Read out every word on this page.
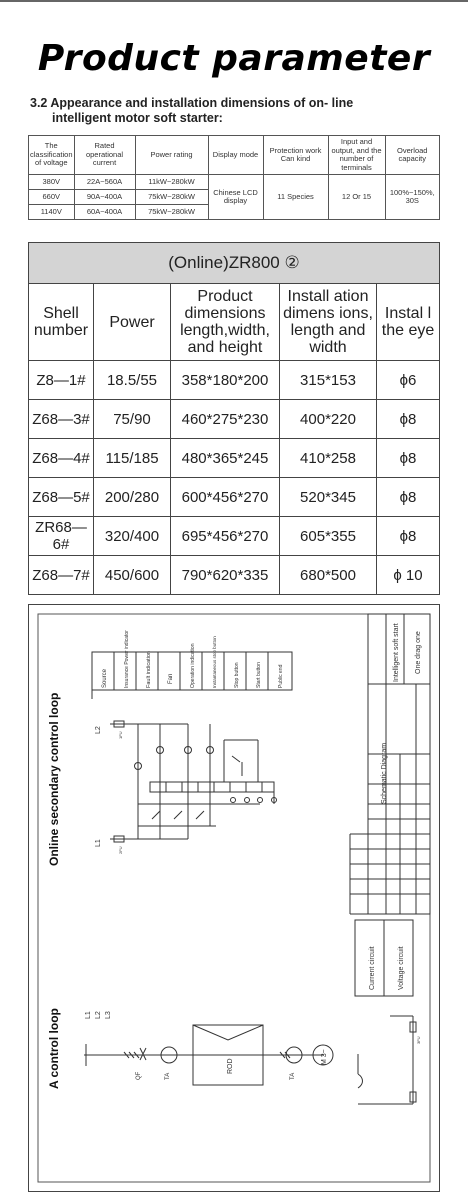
Product parameter
3.2 Appearance and installation dimensions of on- line
intelligent motor soft starter:
The classification of voltage	Rated operational current	Power rating	Display mode	Protection work Can kind	Input and output, and the number of terminals	Overload capacity
380V	22A~560A	11kW~280kW	Chinese LCD display	11 Species	12 Or 15	100%~150%, 30S
660V	90A~400A	75kW~280kW				
1140V	60A~400A	75kW~280kW				
(Online)ZR800 ②				
Shell number	Power	Product dimensions length,width, and height	Install ation dimens ions, length and width	Instal l the eye
Z8—1#	18.5/55	358*180*200	315*153	ϕ6
Z68—3#	75/90	460*275*230	400*220	ϕ8
Z68—4#	115/185	480*365*245	410*258	ϕ8
Z68—5#	200/280	600*456*270	520*345	ϕ8
ZR68—6#	320/400	695*456*270	605*355	ϕ8
Z68—7#	450/600	790*620*335	680*500	ϕ 10
Online secondary control loop
A control loop
Source	Insurance Power indicator	Fault indication	Fan	Operation indication	Instantaneous stop button	Stop button	Start button	Public end
L2
L1
1FU
2FU
Intelligent soft start One drag one
Schematic Diagram
Current circuit	Voltage circuit
L1 L2 L3
QF	TA
ROD
TA
M 3~
3FU
